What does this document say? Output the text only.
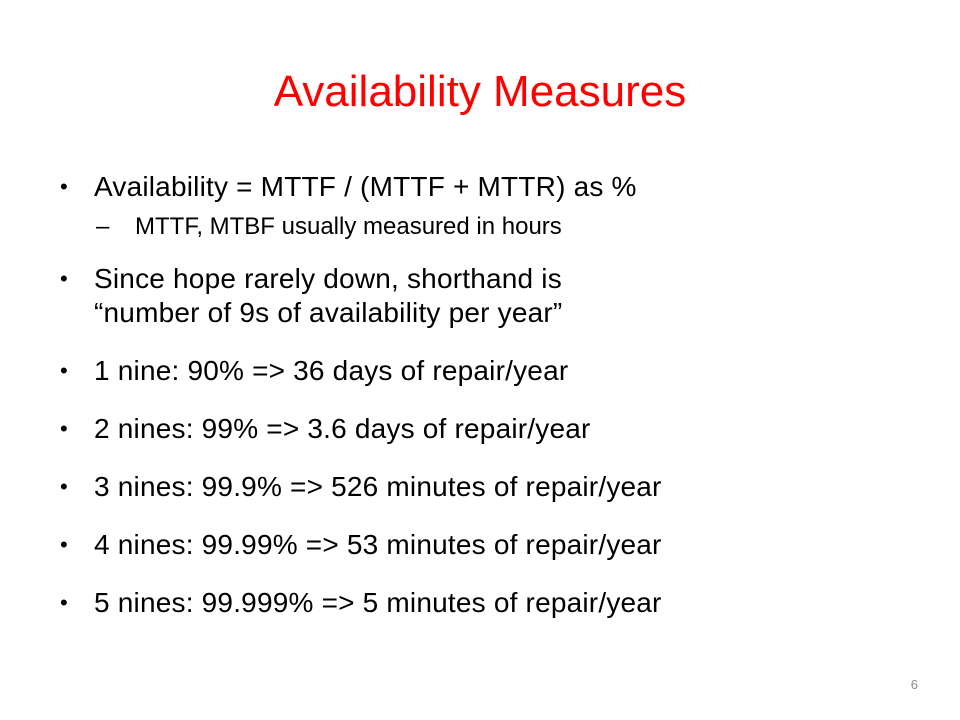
Availability Measures
• Availability = MTTF / (MTTF + MTTR) as %
– MTTF, MTBF usually measured in hours
• Since hope rarely down, shorthand is
“number of 9s of availability per year”
• 1 nine: 90% => 36 days of repair/year
• 2 nines: 99% => 3.6 days of repair/year
• 3 nines: 99.9% => 526 minutes of repair/year
• 4 nines: 99.99% => 53 minutes of repair/year
• 5 nines: 99.999% => 5 minutes of repair/year
6
